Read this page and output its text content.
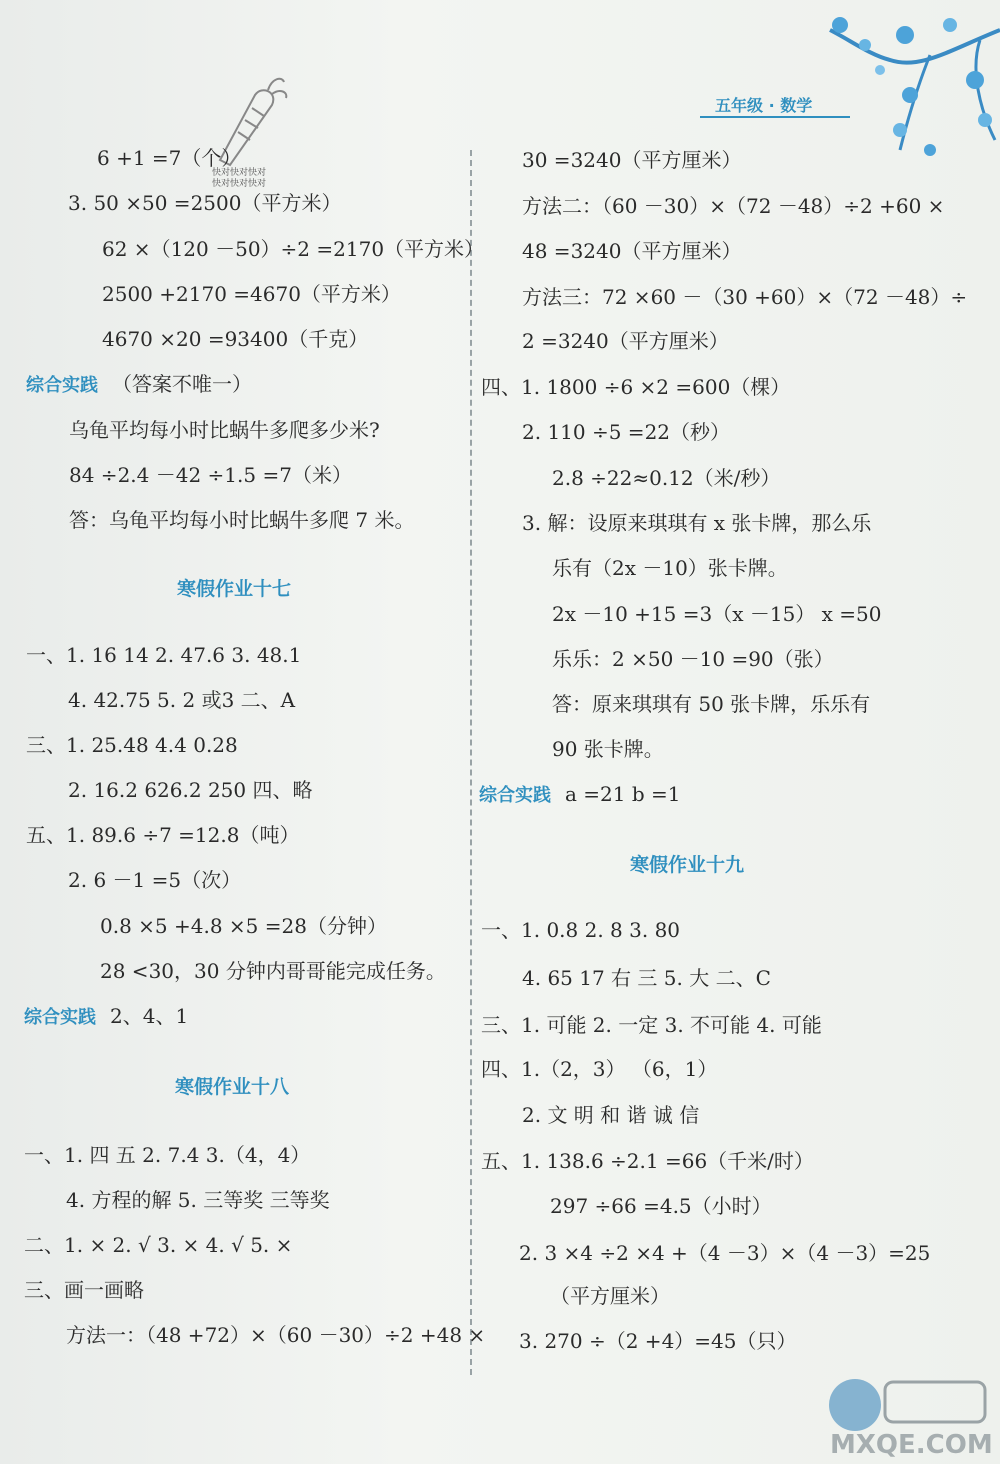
五年级 · 数学
快对快对快对
快对快对快对
6 +1 =7（个）
3. 50 ×50 =2500（平方米）
62 ×（120 －50）÷2 =2170（平方米）
2500 +2170 =4670（平方米）
4670 ×20 =93400（千克）
综合实践 （答案不唯一）
乌龟平均每小时比蜗牛多爬多少米?
84 ÷2.4 －42 ÷1.5 =7（米）
答：乌龟平均每小时比蜗牛多爬 7 米。
寒假作业十七
一、1. 16 14 2. 47.6 3. 48.1
4. 42.75 5. 2 或3 二、A
三、1. 25.48 4.4 0.28
2. 16.2 626.2 250 四、略
五、1. 89.6 ÷7 =12.8（吨）
2. 6 －1 =5（次）
0.8 ×5 +4.8 ×5 =28（分钟）
28 <30，30 分钟内哥哥能完成任务。
综合实践 2、4、1
寒假作业十八
一、1. 四 五 2. 7.4 3.（4，4）
4. 方程的解 5. 三等奖 三等奖
二、1. × 2. √ 3. × 4. √ 5. ×
三、画一画略
方法一：（48 +72）×（60 －30）÷2 +48 ×
30 =3240（平方厘米）
方法二：（60 －30）×（72 －48）÷2 +60 ×
48 =3240（平方厘米）
方法三：72 ×60 －（30 +60）×（72 －48）÷
2 =3240（平方厘米）
四、1. 1800 ÷6 ×2 =600（棵）
2. 110 ÷5 =22（秒）
2.8 ÷22≈0.12（米/秒）
3. 解：设原来琪琪有 x 张卡牌，那么乐
乐有（2x －10）张卡牌。
2x －10 +15 =3（x －15） x =50
乐乐：2 ×50 －10 =90（张）
答：原来琪琪有 50 张卡牌，乐乐有
90 张卡牌。
综合实践 a =21 b =1
寒假作业十九
一、1. 0.8 2. 8 3. 80
4. 65 17 右 三 5. 大 二、C
三、1. 可能 2. 一定 3. 不可能 4. 可能
四、1.（2，3） （6，1）
2. 文 明 和 谐 诚 信
五、1. 138.6 ÷2.1 =66（千米/时）
297 ÷66 =4.5（小时）
2. 3 ×4 ÷2 ×4 +（4 －3）×（4 －3）=25
（平方厘米）
3. 270 ÷（2 +4）=45（只）
MXQE.COM
